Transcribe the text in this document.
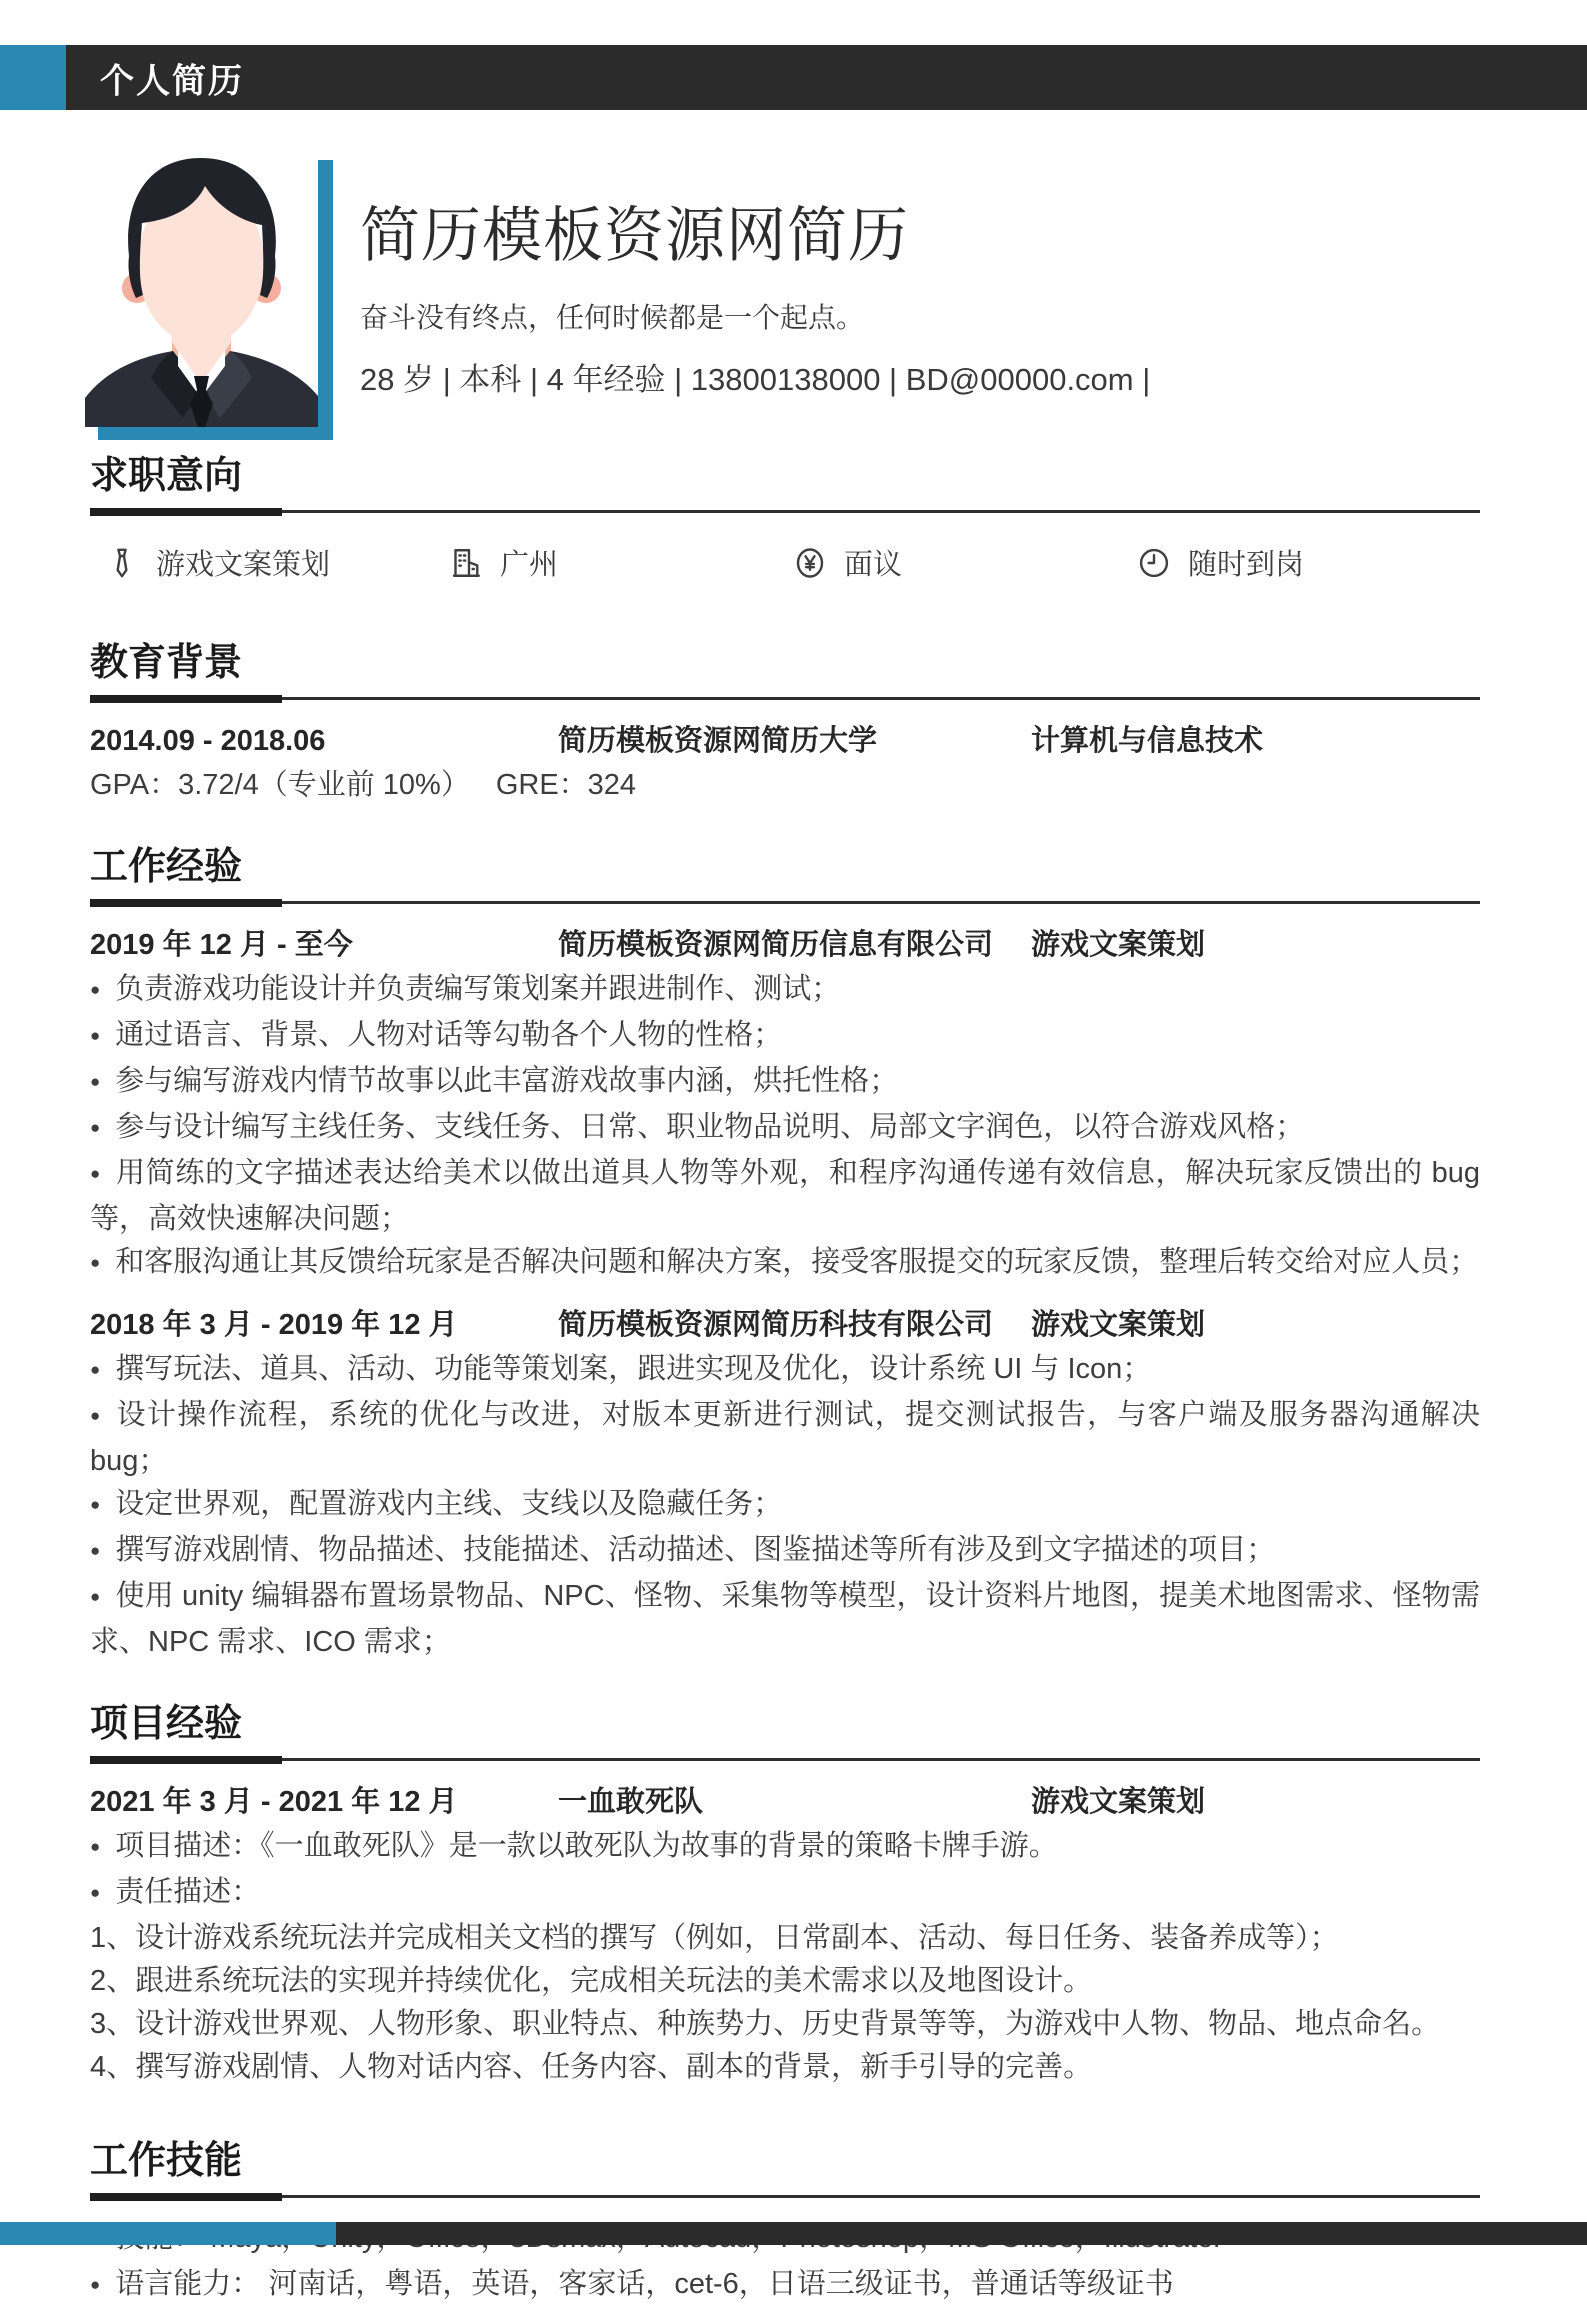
个人简历
简历模板资源网简历
奋斗没有终点，任何时候都是一个起点。
28 岁 | 本科 | 4 年经验 | 13800138000 | BD@00000.com |
求职意向
游戏文案策划	广州	面议	随时到岗
教育背景
2014.09 - 2018.06	简历模板资源网简历大学	计算机与信息技术
GPA：3.72/4（专业前 10%） GRE：324
工作经验
2019 年 12 月 - 至今	简历模板资源网简历信息有限公司	游戏文案策划
● 负责游戏功能设计并负责编写策划案并跟进制作、测试；
● 通过语言、背景、人物对话等勾勒各个人物的性格；
● 参与编写游戏内情节故事以此丰富游戏故事内涵，烘托性格；
● 参与设计编写主线任务、支线任务、日常、职业物品说明、局部文字润色，以符合游戏风格；
● 用简练的文字描述表达给美术以做出道具人物等外观，和程序沟通传递有效信息，解决玩家反馈出的 bug 等，高效快速解决问题；
● 和客服沟通让其反馈给玩家是否解决问题和解决方案，接受客服提交的玩家反馈，整理后转交给对应人员；
2018 年 3 月 - 2019 年 12 月	简历模板资源网简历科技有限公司	游戏文案策划
● 撰写玩法、道具、活动、功能等策划案，跟进实现及优化，设计系统 UI 与 Icon；
● 设计操作流程，系统的优化与改进，对版本更新进行测试，提交测试报告，与客户端及服务器沟通解决 bug；
● 设定世界观，配置游戏内主线、支线以及隐藏任务；
● 撰写游戏剧情、物品描述、技能描述、活动描述、图鉴描述等所有涉及到文字描述的项目；
● 使用 unity 编辑器布置场景物品、NPC、怪物、采集物等模型，设计资料片地图，提美术地图需求、怪物需求、NPC 需求、ICO 需求；
项目经验
2021 年 3 月 - 2021 年 12 月	一血敢死队	游戏文案策划
● 项目描述：《一血敢死队》是一款以敢死队为故事的背景的策略卡牌手游。
● 责任描述：
1、设计游戏系统玩法并完成相关文档的撰写（例如，日常副本、活动、每日任务、装备养成等）；
2、跟进系统玩法的实现并持续优化，完成相关玩法的美术需求以及地图设计。
3、设计游戏世界观、人物形象、职业特点、种族势力、历史背景等等，为游戏中人物、物品、地点命名。
4、撰写游戏剧情、人物对话内容、任务内容、副本的背景，新手引导的完善。
工作技能
●
● 语言能力： 河南话，粤语，英语，客家话，cet-6，日语三级证书，普通话等级证书
